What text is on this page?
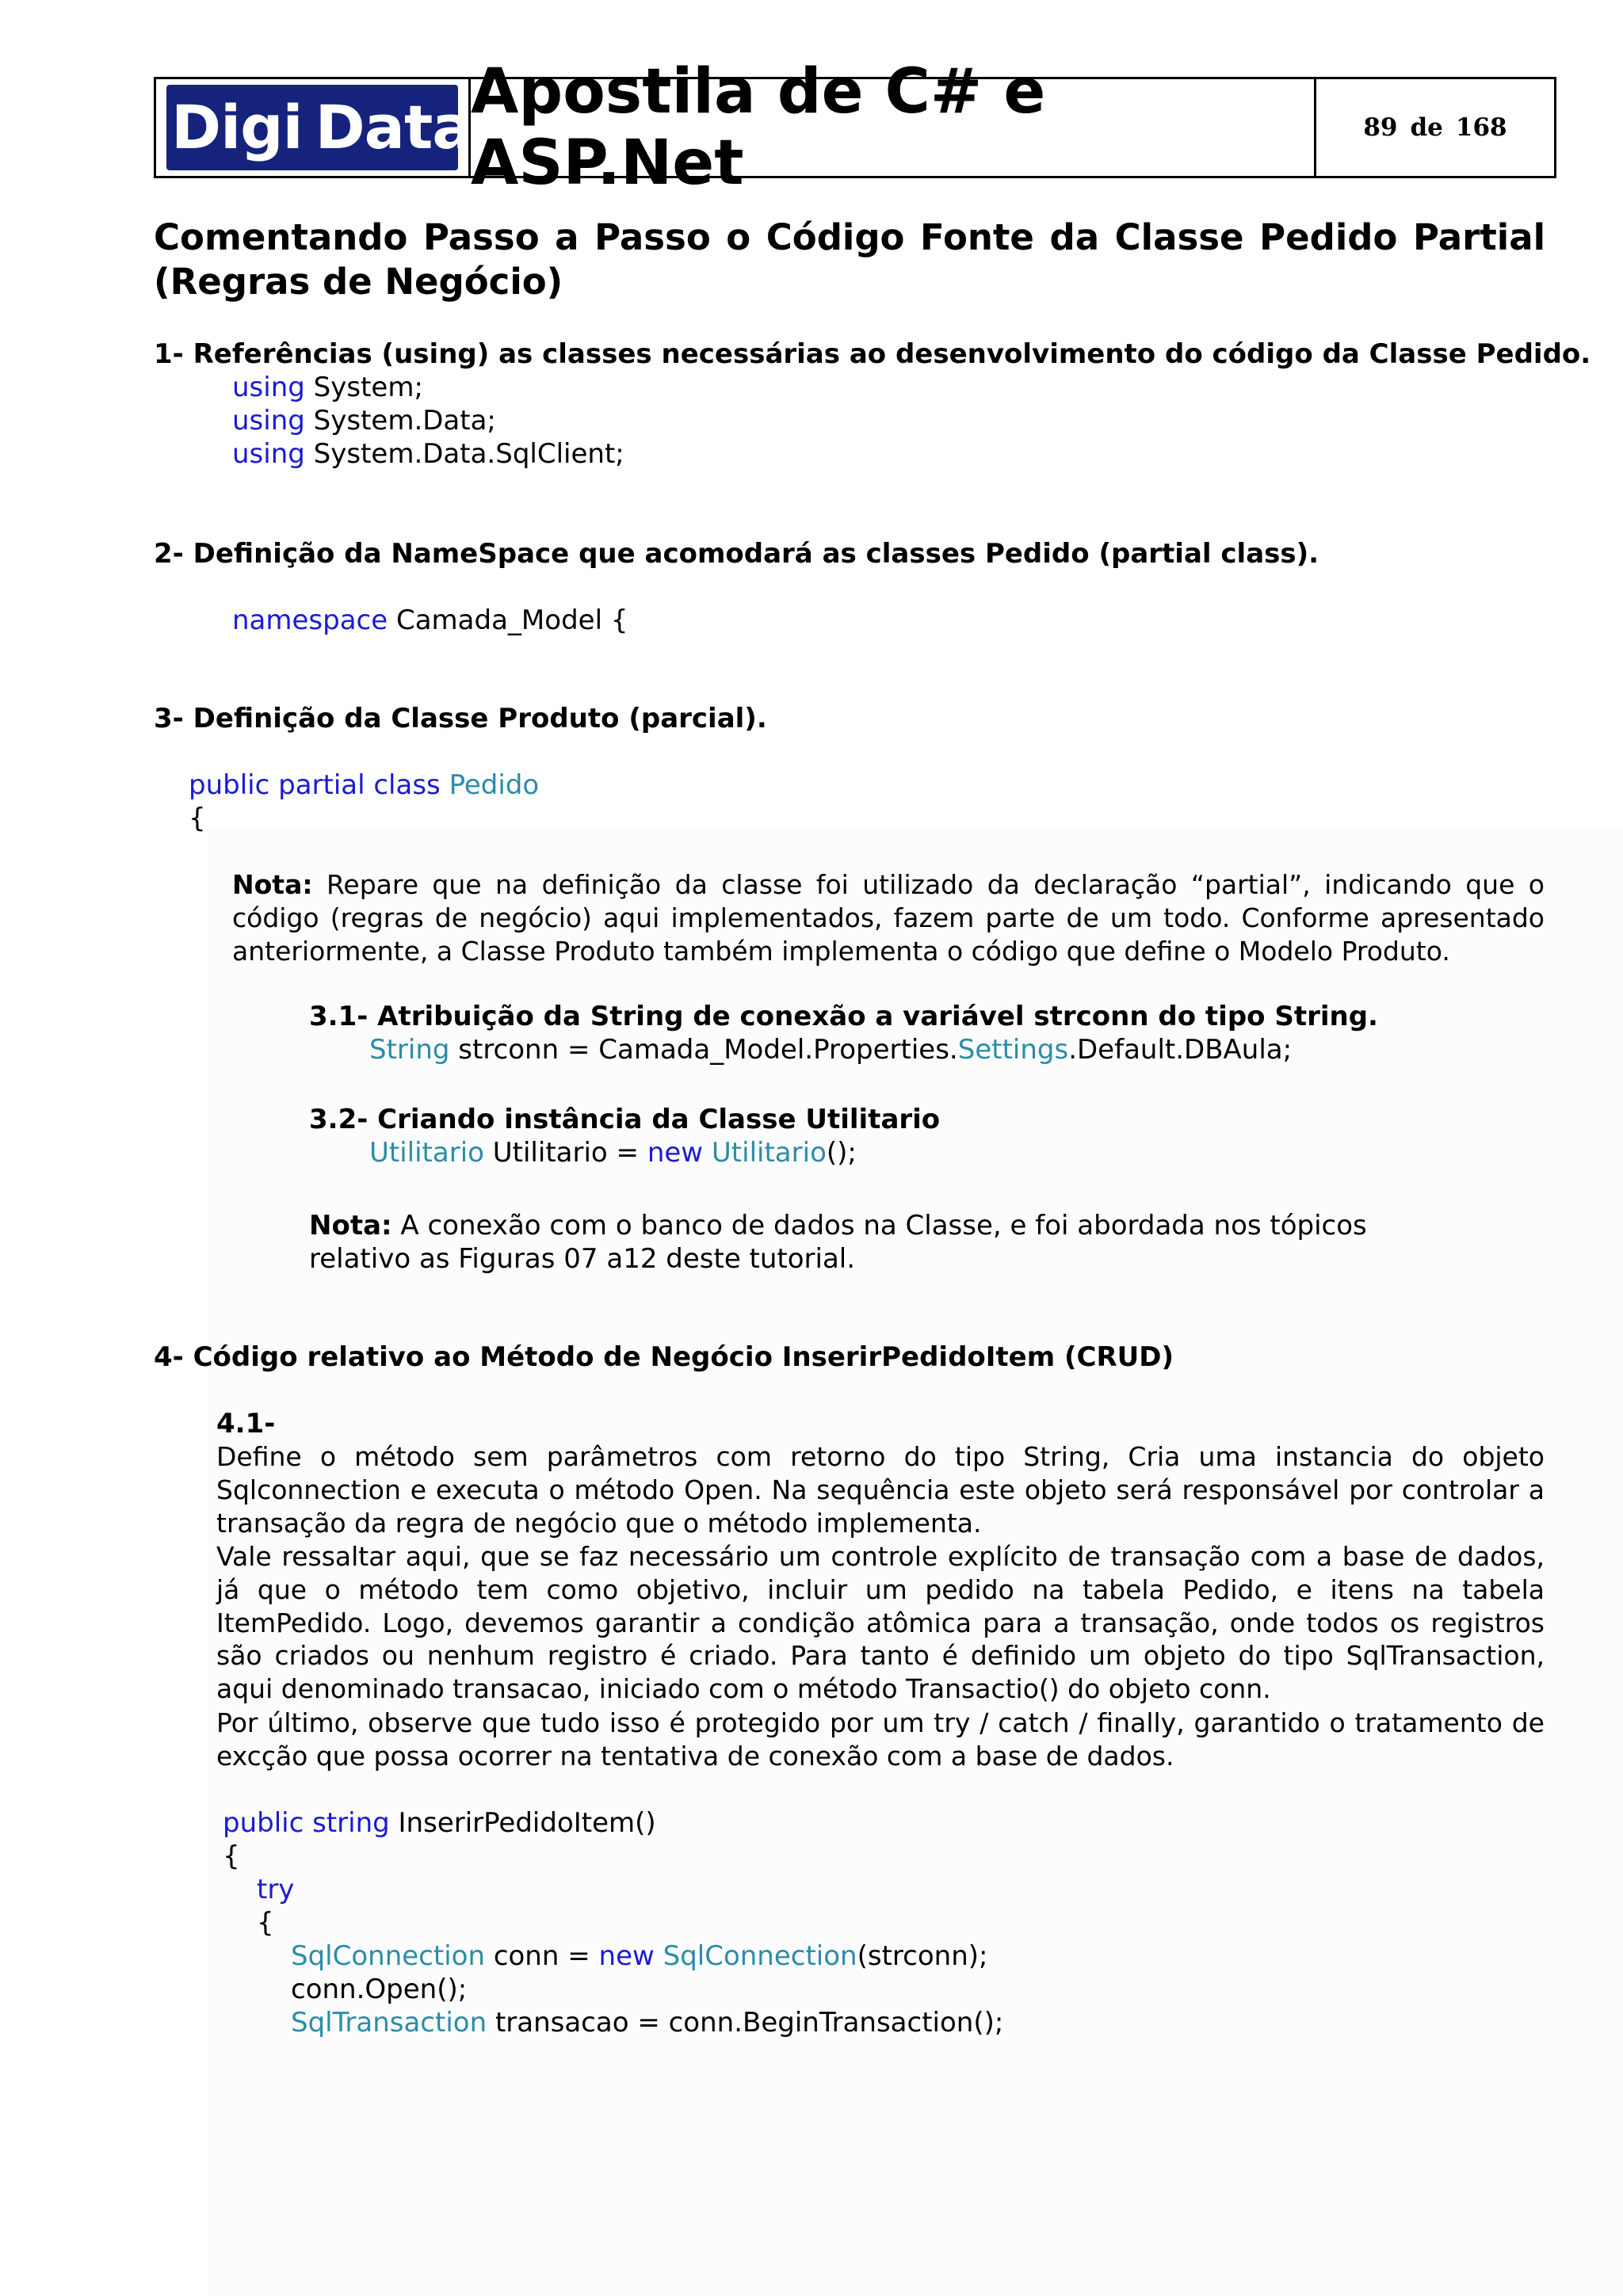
Digi Data
Apostila de C# e ASP.Net	89 de 168
Comentando Passo a Passo o Código Fonte da Classe Pedido Partial (Regras de Negócio)
1- Referências (using) as classes necessárias ao desenvolvimento do código da Classe Pedido.
using System;
using System.Data;
using System.Data.SqlClient;
2- Definição da NameSpace que acomodará as classes Pedido (partial class).
namespace Camada_Model {
3- Definição da Classe Produto (parcial).
public partial class Pedido
{
Nota: Repare que na definição da classe foi utilizado da declaração “partial”, indicando que o código (regras de negócio) aqui implementados, fazem parte de um todo. Conforme apresentado anteriormente, a Classe Produto também implementa o código que define o Modelo Produto.
3.1- Atribuição da String de conexão a variável strconn do tipo String.
String strconn = Camada_Model.Properties.Settings.Default.DBAula;
3.2- Criando instância da Classe Utilitario
Utilitario Utilitario = new Utilitario();
Nota: A conexão com o banco de dados na Classe, e foi abordada nos tópicos
relativo as Figuras 07 a12 deste tutorial.
4- Código relativo ao Método de Negócio InserirPedidoItem (CRUD)
4.1-
Define o método sem parâmetros com retorno do tipo String, Cria uma instancia do objeto Sqlconnection e executa o método Open. Na sequência este objeto será responsável por controlar a transação da regra de negócio que o método implementa.
Vale ressaltar aqui, que se faz necessário um controle explícito de transação com a base de dados, já que o método tem como objetivo, incluir um pedido na tabela Pedido, e itens na tabela ItemPedido. Logo, devemos garantir a condição atômica para a transação, onde todos os registros são criados ou nenhum registro é criado. Para tanto é definido um objeto do tipo SqlTransaction, aqui denominado transacao, iniciado com o método Transactio() do objeto conn.
Por último, observe que tudo isso é protegido por um try / catch / finally, garantido o tratamento de excção que possa ocorrer na tentativa de conexão com a base de dados.
public string InserirPedidoItem()
{
try
{
SqlConnection conn = new SqlConnection(strconn);
conn.Open();
SqlTransaction transacao = conn.BeginTransaction();
